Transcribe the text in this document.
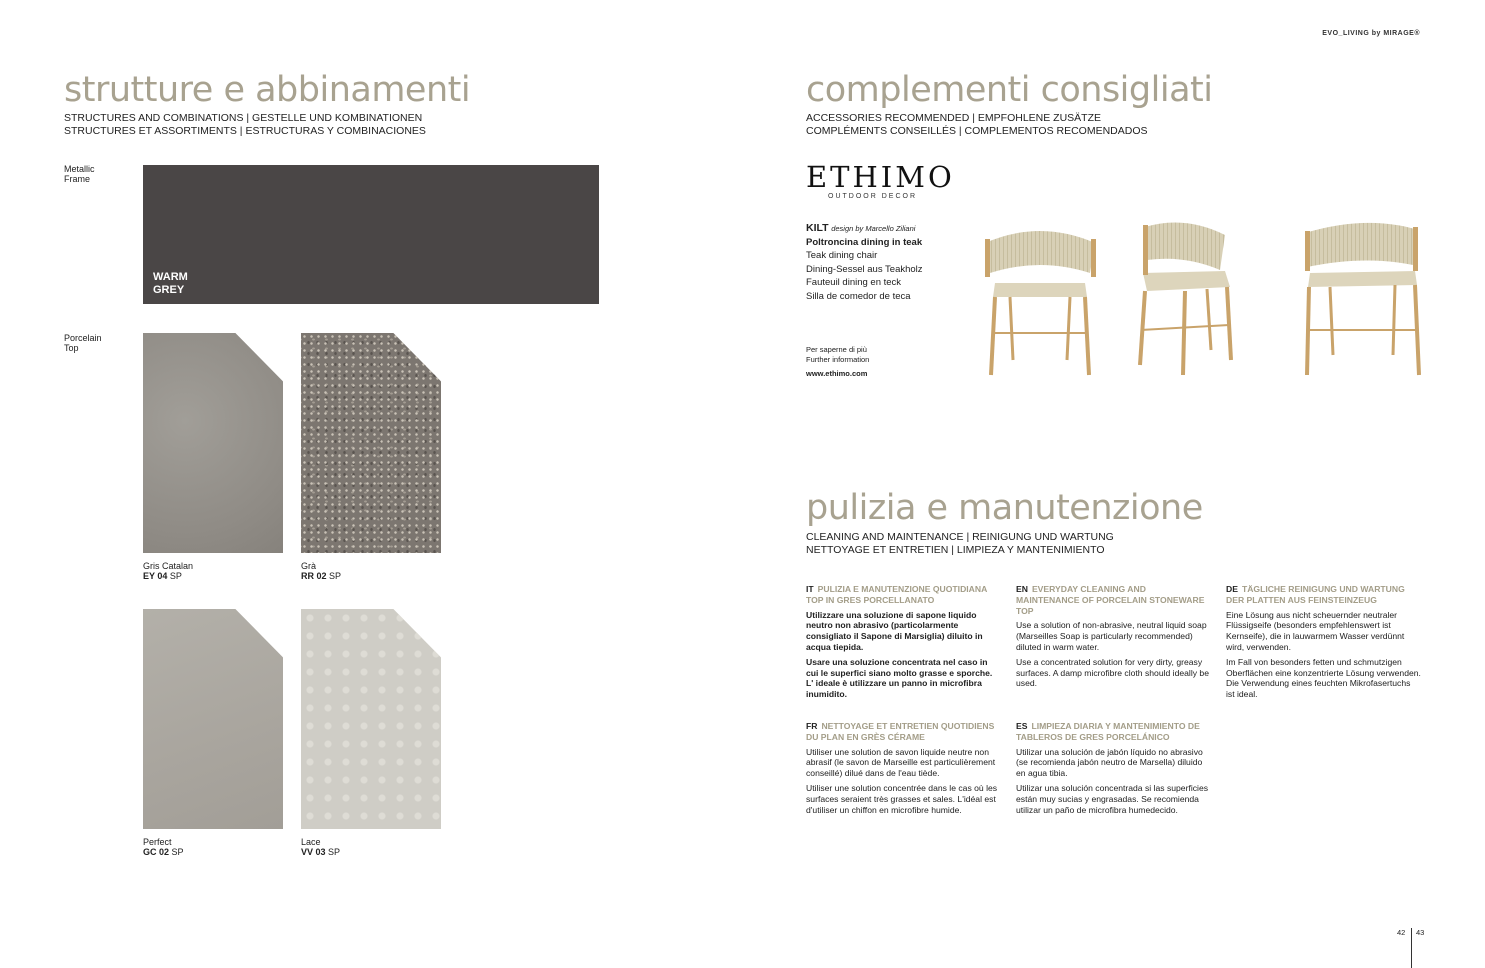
EVO_LIVING by MIRAGE®
strutture e abbinamenti
STRUCTURES AND COMBINATIONS | GESTELLE UND KOMBINATIONEN
STRUCTURES ET ASSORTIMENTS | ESTRUCTURAS Y COMBINACIONES
Metallic
Frame
WARM
GREY
Porcelain
Top
Gris Catalan
EY 04 SP
Grà
RR 02 SP
Perfect
GC 02 SP
Lace
VV 03 SP
complementi consigliati
ACCESSORIES RECOMMENDED | EMPFOHLENE ZUSÄTZE
COMPLÉMENTS CONSEILLÉS | COMPLEMENTOS RECOMENDADOS
ETHIMO
OUTDOOR DECOR
KILT design by Marcello Ziliani
Poltroncina dining in teak
Teak dining chair
Dining-Sessel aus Teakholz
Fauteuil dining en teck
Silla de comedor de teca
Per saperne di più
Further information
www.ethimo.com
pulizia e manutenzione
CLEANING AND MAINTENANCE | REINIGUNG UND WARTUNG
NETTOYAGE ET ENTRETIEN | LIMPIEZA Y MANTENIMIENTO

IT PULIZIA E MANUTENZIONE QUOTIDIANA TOP IN GRES PORCELLANATO

Utilizzare una soluzione di sapone liquido neutro non abrasivo (particolarmente consigliato il Sapone di Marsiglia) diluito in acqua tiepida.

Usare una soluzione concentrata nel caso in cui le superfici siano molto grasse e sporche. L' ideale è utilizzare un panno in microfibra inumidito.

EN EVERYDAY CLEANING AND MAINTENANCE OF PORCELAIN STONEWARE TOP

Use a solution of non-abrasive, neutral liquid soap (Marseilles Soap is particularly recommended) diluted in warm water.

Use a concentrated solution for very dirty, greasy surfaces. A damp microfibre cloth should ideally be used.

DE TÄGLICHE REINIGUNG UND WARTUNG DER PLATTEN AUS FEINSTEINZEUG

Eine Lösung aus nicht scheuernder neutraler Flüssigseife (besonders empfehlenswert ist Kernseife), die in lauwarmem Wasser verdünnt wird, verwenden.

Im Fall von besonders fetten und schmutzigen Oberflächen eine konzentrierte Lösung verwenden. Die Verwendung eines feuchten Mikrofasertuchs ist ideal.

FR NETTOYAGE ET ENTRETIEN QUOTIDIENS DU PLAN EN GRÈS CÉRAME

Utiliser une solution de savon liquide neutre non abrasif (le savon de Marseille est particulièrement conseillé) dilué dans de l'eau tiède.

Utiliser une solution concentrée dans le cas où les surfaces seraient très grasses et sales. L'idéal est d'utiliser un chiffon en microfibre humide.

ES LIMPIEZA DIARIA Y MANTENIMIENTO DE TABLEROS DE GRES PORCELÁNICO

Utilizar una solución de jabón líquido no abrasivo (se recomienda jabón neutro de Marsella) diluido en agua tibia.

Utilizar una solución concentrada si las superficies están muy sucias y engrasadas. Se recomienda utilizar un paño de microfibra humedecido.

42 43
